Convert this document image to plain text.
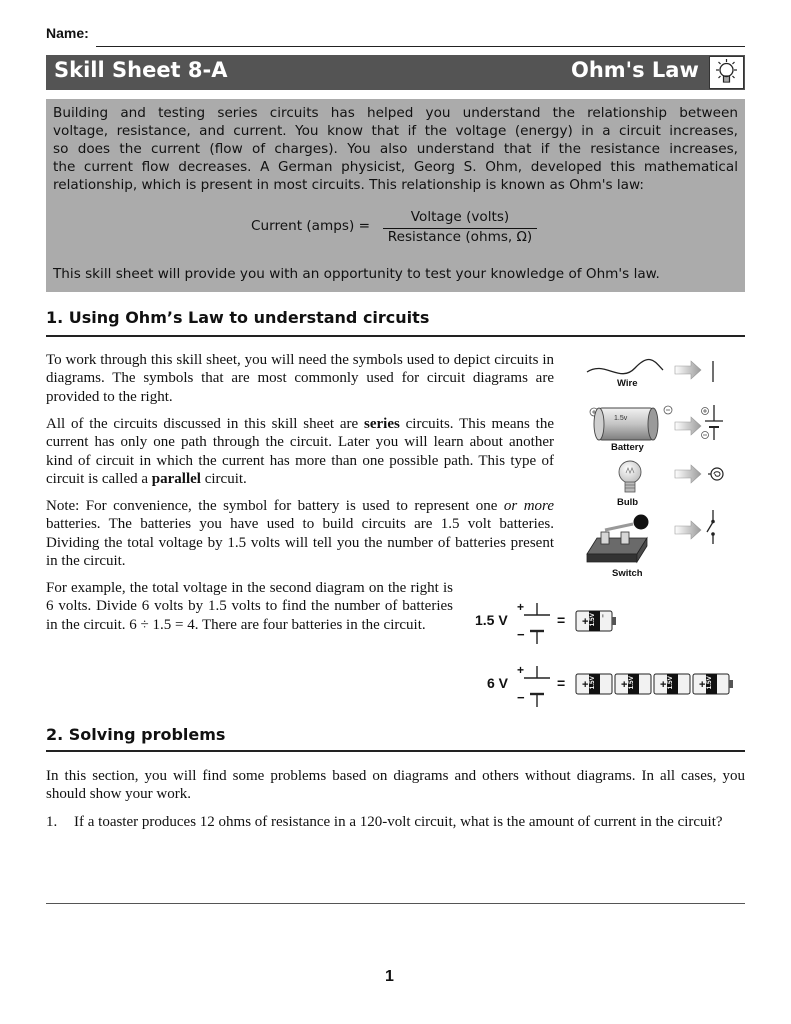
Name:
Skill Sheet 8-A	Ohm's Law
Building and testing series circuits has helped you understand the relationship between
voltage, resistance, and current. You know that if the voltage (energy) in a circuit increases,
so does the current (flow of charges). You also understand that if the resistance increases,
the current flow decreases. A German physicist, Georg S. Ohm, developed this mathematical
relationship, which is present in most circuits. This relationship is known as Ohm's law:
Current (amps) =
Voltage (volts)
Resistance (ohms, Ω)
This skill sheet will provide you with an opportunity to test your knowledge of Ohm's law.
1. Using Ohm’s Law to understand circuits
To work through this skill sheet, you will need the symbols used to depict circuits in diagrams. The symbols that are most commonly used for circuit diagrams are provided to the right.
All of the circuits discussed in this skill sheet are series circuits. This means the current has only one path through the circuit. Later you will learn about another kind of circuit in which the current has more than one possible path. This type of circuit is called a parallel circuit.
Note: For convenience, the symbol for battery is used to represent one or more batteries. The batteries you have used to build circuits are 1.5 volt batteries. Dividing the total voltage by 1.5 volts will tell you the number of batteries present in the circuit.
For example, the total voltage in the second diagram on the right is 6 volts. Divide 6 volts by 1.5 volts to find the number of batteries in the circuit. 6 ÷ 1.5 = 4. There are four batteries in the circuit.
Wire
Battery
1.5v
Bulb
Switch
1.5 V
6 V
+
−
=
+
−
=
+
−
1.5V
+	+	+	+
1.5V	1.5V	1.5V	1.5V
2. Solving problems
In this section, you will find some problems based on diagrams and others without diagrams. In all cases, you should show your work.
1. If a toaster produces 12 ohms of resistance in a 120-volt circuit, what is the amount of current in the circuit?
1
